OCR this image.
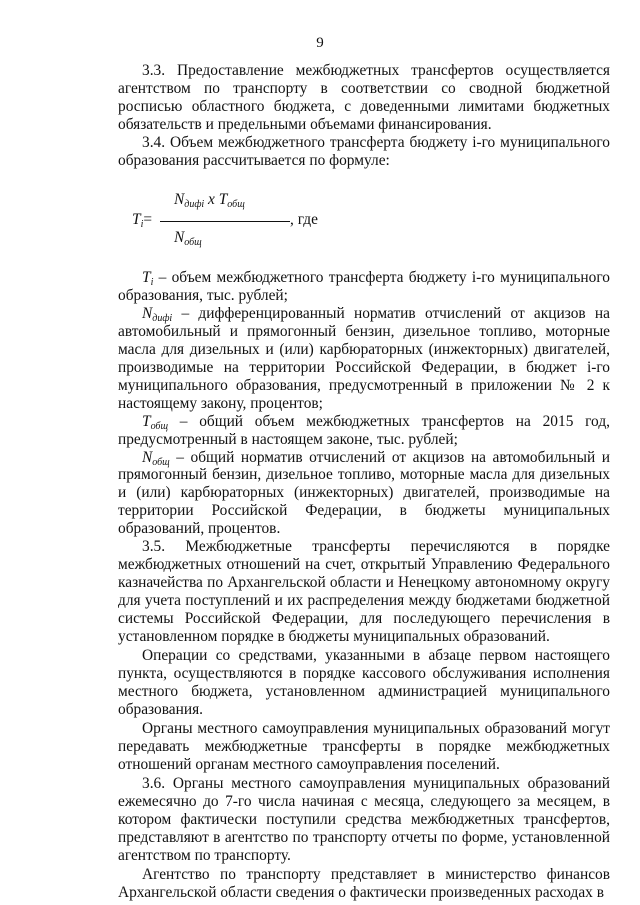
9

3.3. Предоставление межбюджетных трансфертов осуществляется агентством по транспорту в соответствии со сводной бюджетной росписью областного бюджета, с доведенными лимитами бюджетных обязательств и предельными объемами финансирования.

3.4. Объем межбюджетного трансферта бюджету i-го муниципального образования рассчитывается по формуле:

$T_i=$
$N_{дифi}$ x $T_{общ}$
$N_{общ}$
, где

$T_i$ – объем межбюджетного трансферта бюджету i-го муниципального образования, тыс. рублей;

$N_{дифi}$ – дифференцированный норматив отчислений от акцизов на автомобильный и прямогонный бензин, дизельное топливо, моторные масла для дизельных и (или) карбюраторных (инжекторных) двигателей, производимые на территории Российской Федерации, в бюджет i-го муниципального образования, предусмотренный в приложении № 2 к настоящему закону, процентов;

$T_{общ}$ – общий объем межбюджетных трансфертов на 2015 год, предусмотренный в настоящем законе, тыс. рублей;

$N_{общ}$ – общий норматив отчислений от акцизов на автомобильный и прямогонный бензин, дизельное топливо, моторные масла для дизельных и (или) карбюраторных (инжекторных) двигателей, производимые на территории Российской Федерации, в бюджеты муниципальных образований, процентов.

3.5. Межбюджетные трансферты перечисляются в порядке межбюджетных отношений на счет, открытый Управлению Федерального казначейства по Архангельской области и Ненецкому автономному округу для учета поступлений и их распределения между бюджетами бюджетной системы Российской Федерации, для последующего перечисления в установленном порядке в бюджеты муниципальных образований.

Операции со средствами, указанными в абзаце первом настоящего пункта, осуществляются в порядке кассового обслуживания исполнения местного бюджета, установленном администрацией муниципального образования.

Органы местного самоуправления муниципальных образований могут передавать межбюджетные трансферты в порядке межбюджетных отношений органам местного самоуправления поселений.

3.6. Органы местного самоуправления муниципальных образований ежемесячно до 7-го числа начиная с месяца, следующего за месяцем, в котором фактически поступили средства межбюджетных трансфертов, представляют в агентство по транспорту отчеты по форме, установленной агентством по транспорту.

Агентство по транспорту представляет в министерство финансов Архангельской области сведения о фактически произведенных расходах в
